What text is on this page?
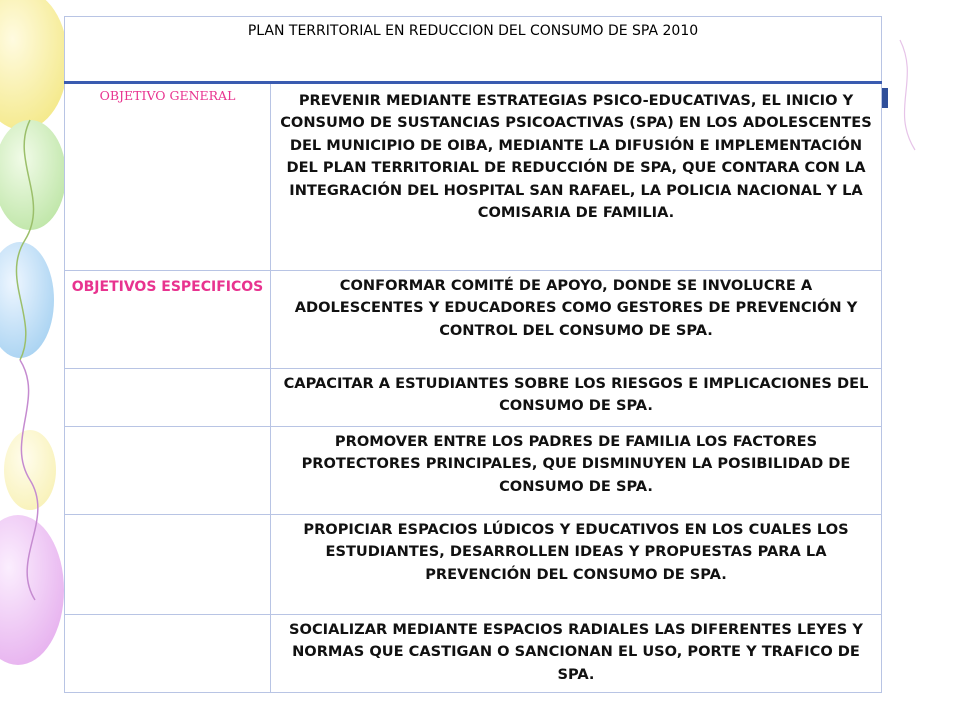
PLAN TERRITORIAL EN REDUCCION DEL CONSUMO DE SPA 2010	
OBJETIVO GENERAL	PREVENIR MEDIANTE ESTRATEGIAS PSICO-EDUCATIVAS, EL INICIO Y CONSUMO DE SUSTANCIAS PSICOACTIVAS (SPA) EN LOS ADOLESCENTES DEL MUNICIPIO DE OIBA, MEDIANTE LA DIFUSIÓN E IMPLEMENTACIÓN DEL PLAN TERRITORIAL DE REDUCCIÓN DE SPA, QUE CONTARA CON LA INTEGRACIÓN DEL HOSPITAL SAN RAFAEL, LA POLICIA NACIONAL Y LA COMISARIA DE FAMILIA.
OBJETIVOS ESPECIFICOS	CONFORMAR COMITÉ DE APOYO, DONDE SE INVOLUCRE A ADOLESCENTES Y EDUCADORES COMO GESTORES DE PREVENCIÓN Y CONTROL DEL CONSUMO DE SPA.
	CAPACITAR A ESTUDIANTES SOBRE LOS RIESGOS E IMPLICACIONES DEL CONSUMO DE SPA.
	PROMOVER ENTRE LOS PADRES DE FAMILIA LOS FACTORES PROTECTORES PRINCIPALES, QUE DISMINUYEN LA POSIBILIDAD DE CONSUMO DE SPA.
	PROPICIAR ESPACIOS LÚDICOS Y EDUCATIVOS EN LOS CUALES LOS ESTUDIANTES, DESARROLLEN IDEAS Y PROPUESTAS PARA LA PREVENCIÓN DEL CONSUMO DE SPA.
	SOCIALIZAR MEDIANTE ESPACIOS RADIALES LAS DIFERENTES LEYES Y NORMAS QUE CASTIGAN O SANCIONAN EL USO, PORTE Y TRAFICO DE SPA.
